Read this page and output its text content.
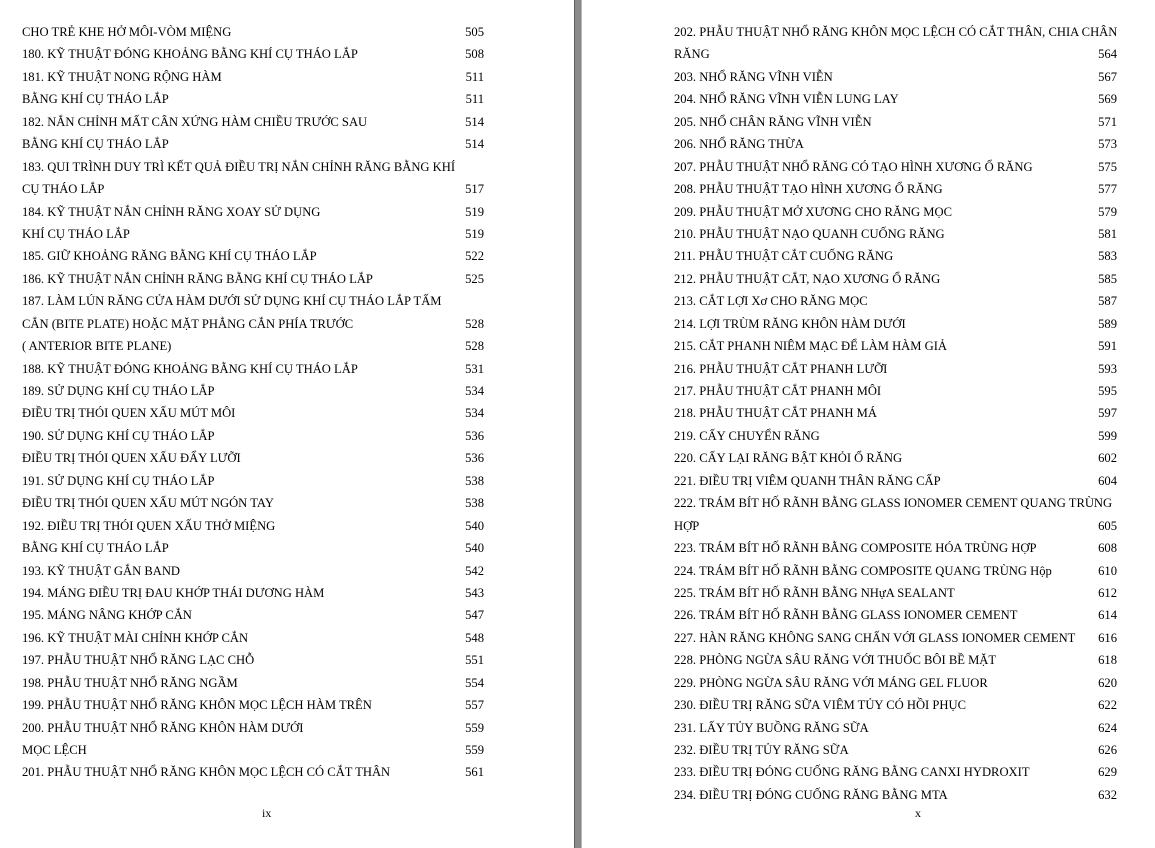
CHO TRẺ KHE HỞ MÔI-VÒM MIỆNG	505
180. KỸ THUẬT ĐÓNG KHOẢNG BẰNG KHÍ CỤ THÁO LẮP	508
181. KỸ THUẬT NONG RỘNG HÀM	511
BẰNG KHÍ CỤ THÁO LẮP	511
182. NẮN CHỈNH MẤT CÂN XỨNG HÀM CHIỀU TRƯỚC SAU	514
BẰNG KHÍ CỤ THÁO LẮP	514
183. QUI TRÌNH DUY TRÌ KẾT QUẢ ĐIỀU TRỊ NẮN CHỈNH RĂNG BẰNG KHÍ
CỤ THÁO LẮP	517
184. KỸ THUẬT NẮN CHỈNH RĂNG XOAY SỬ DỤNG	519
KHÍ CỤ THÁO LẮP	519
185. GIỮ KHOẢNG RĂNG BẰNG KHÍ CỤ THÁO LẮP	522
186. KỸ THUẬT NẮN CHỈNH RĂNG BẰNG KHÍ CỤ THÁO LẮP	525
187. LÀM LÚN RĂNG CỬA HÀM DƯỚI SỬ DỤNG KHÍ CỤ THÁO LẮP TẤM
CẮN (BITE PLATE) HOẶC MẶT PHẲNG CẮN PHÍA TRƯỚC	528
( ANTERIOR BITE PLANE)	528
188. KỸ THUẬT ĐÓNG KHOẢNG BẰNG KHÍ CỤ THÁO LẮP	531
189. SỬ DỤNG KHÍ CỤ THÁO LẮP	534
ĐIỀU TRỊ THÓI QUEN XẤU MÚT MÔI	534
190. SỬ DỤNG KHÍ CỤ THÁO LẮP	536
ĐIỀU TRỊ THÓI QUEN XẤU ĐẨY LƯỠI	536
191. SỬ DỤNG KHÍ CỤ THÁO LẮP	538
ĐIỀU TRỊ THÓI QUEN XẤU MÚT NGÓN TAY	538
192. ĐIỀU TRỊ THÓI QUEN XẤU THỞ MIỆNG	540
BẰNG KHÍ CỤ THÁO LẮP	540
193. KỸ THUẬT GẮN BAND	542
194. MÁNG ĐIỀU TRỊ ĐAU KHỚP THÁI DƯƠNG HÀM	543
195. MÁNG NÂNG KHỚP CẮN	547
196. KỸ THUẬT MÀI CHỈNH KHỚP CẮN	548
197. PHẪU THUẬT NHỔ RĂNG LẠC CHỖ	551
198. PHẪU THUẬT NHỔ RĂNG NGẦM	554
199. PHẪU THUẬT NHỔ RĂNG KHÔN MỌC LỆCH HÀM TRÊN	557
200. PHẪU THUẬT NHỔ RĂNG KHÔN HÀM DƯỚI	559
MỌC LỆCH	559
201. PHẪU THUẬT NHỔ RĂNG KHÔN MỌC LỆCH CÓ CẮT THÂN	561
ix
202. PHẪU THUẬT NHỔ RĂNG KHÔN MỌC LỆCH CÓ CẮT THÂN, CHIA CHÂN
RĂNG	564
203. NHỔ RĂNG VĨNH VIỄN	567
204. NHỔ RĂNG VĨNH VIỄN LUNG LAY	569
205. NHỔ CHÂN RĂNG VĨNH VIỄN	571
206. NHỔ RĂNG THỪA	573
207. PHẪU THUẬT NHỔ RĂNG CÓ TẠO HÌNH XƯƠNG Ổ RĂNG	575
208. PHẪU THUẬT TẠO HÌNH XƯƠNG Ổ RĂNG	577
209. PHẪU THUẬT MỞ XƯƠNG CHO RĂNG MỌC	579
210. PHẪU THUẬT NẠO QUANH CUỐNG RĂNG	581
211. PHẪU THUẬT CẮT CUỐNG RĂNG	583
212. PHẪU THUẬT CẮT, NẠO XƯƠNG Ổ RĂNG	585
213. CẮT LỢI Xơ CHO RĂNG MỌC	587
214. LỢI TRÙM RĂNG KHÔN HÀM DƯỚI	589
215. CẮT PHANH NIÊM MẠC ĐỂ LÀM HÀM GIẢ	591
216. PHẪU THUẬT CẮT PHANH LƯỠI	593
217. PHẪU THUẬT CẮT PHANH MÔI	595
218. PHẪU THUẬT CẮT PHANH MÁ	597
219. CẤY CHUYỂN RĂNG	599
220. CẤY LẠI RĂNG BẬT KHỎI Ổ RĂNG	602
221. ĐIỀU TRỊ VIÊM QUANH THÂN RĂNG CẤP	604
222. TRÁM BÍT HỐ RÃNH BẰNG GLASS IONOMER CEMENT QUANG TRÙNG
HỢP	605
223. TRÁM BÍT HỐ RÃNH BẰNG COMPOSITE HÓA TRÙNG HỢP	608
224. TRÁM BÍT HỐ RÃNH BẰNG COMPOSITE QUANG TRÙNG Hộp	610
225. TRÁM BÍT HỐ RÃNH BẰNG NHựA SEALANT	612
226. TRÁM BÍT HỐ RÃNH BẰNG GLASS IONOMER CEMENT	614
227. HÀN RĂNG KHÔNG SANG CHẤN VỚI GLASS IONOMER CEMENT	616
228. PHÒNG NGỪA SÂU RĂNG VỚI THUỐC BÔI BỀ MẶT	618
229. PHÒNG NGỪA SÂU RĂNG VỚI MÁNG GEL FLUOR	620
230. ĐIỀU TRỊ RĂNG SỮA VIÊM TỦY CÓ HỒI PHỤC	622
231. LẤY TỦY BUỒNG RĂNG SỮA	624
232. ĐIỀU TRỊ TỦY RĂNG SỮA	626
233. ĐIỀU TRỊ ĐÓNG CUỐNG RĂNG BẰNG CANXI HYDROXIT	629
234. ĐIỀU TRỊ ĐÓNG CUỐNG RĂNG BẰNG MTA	632
x
